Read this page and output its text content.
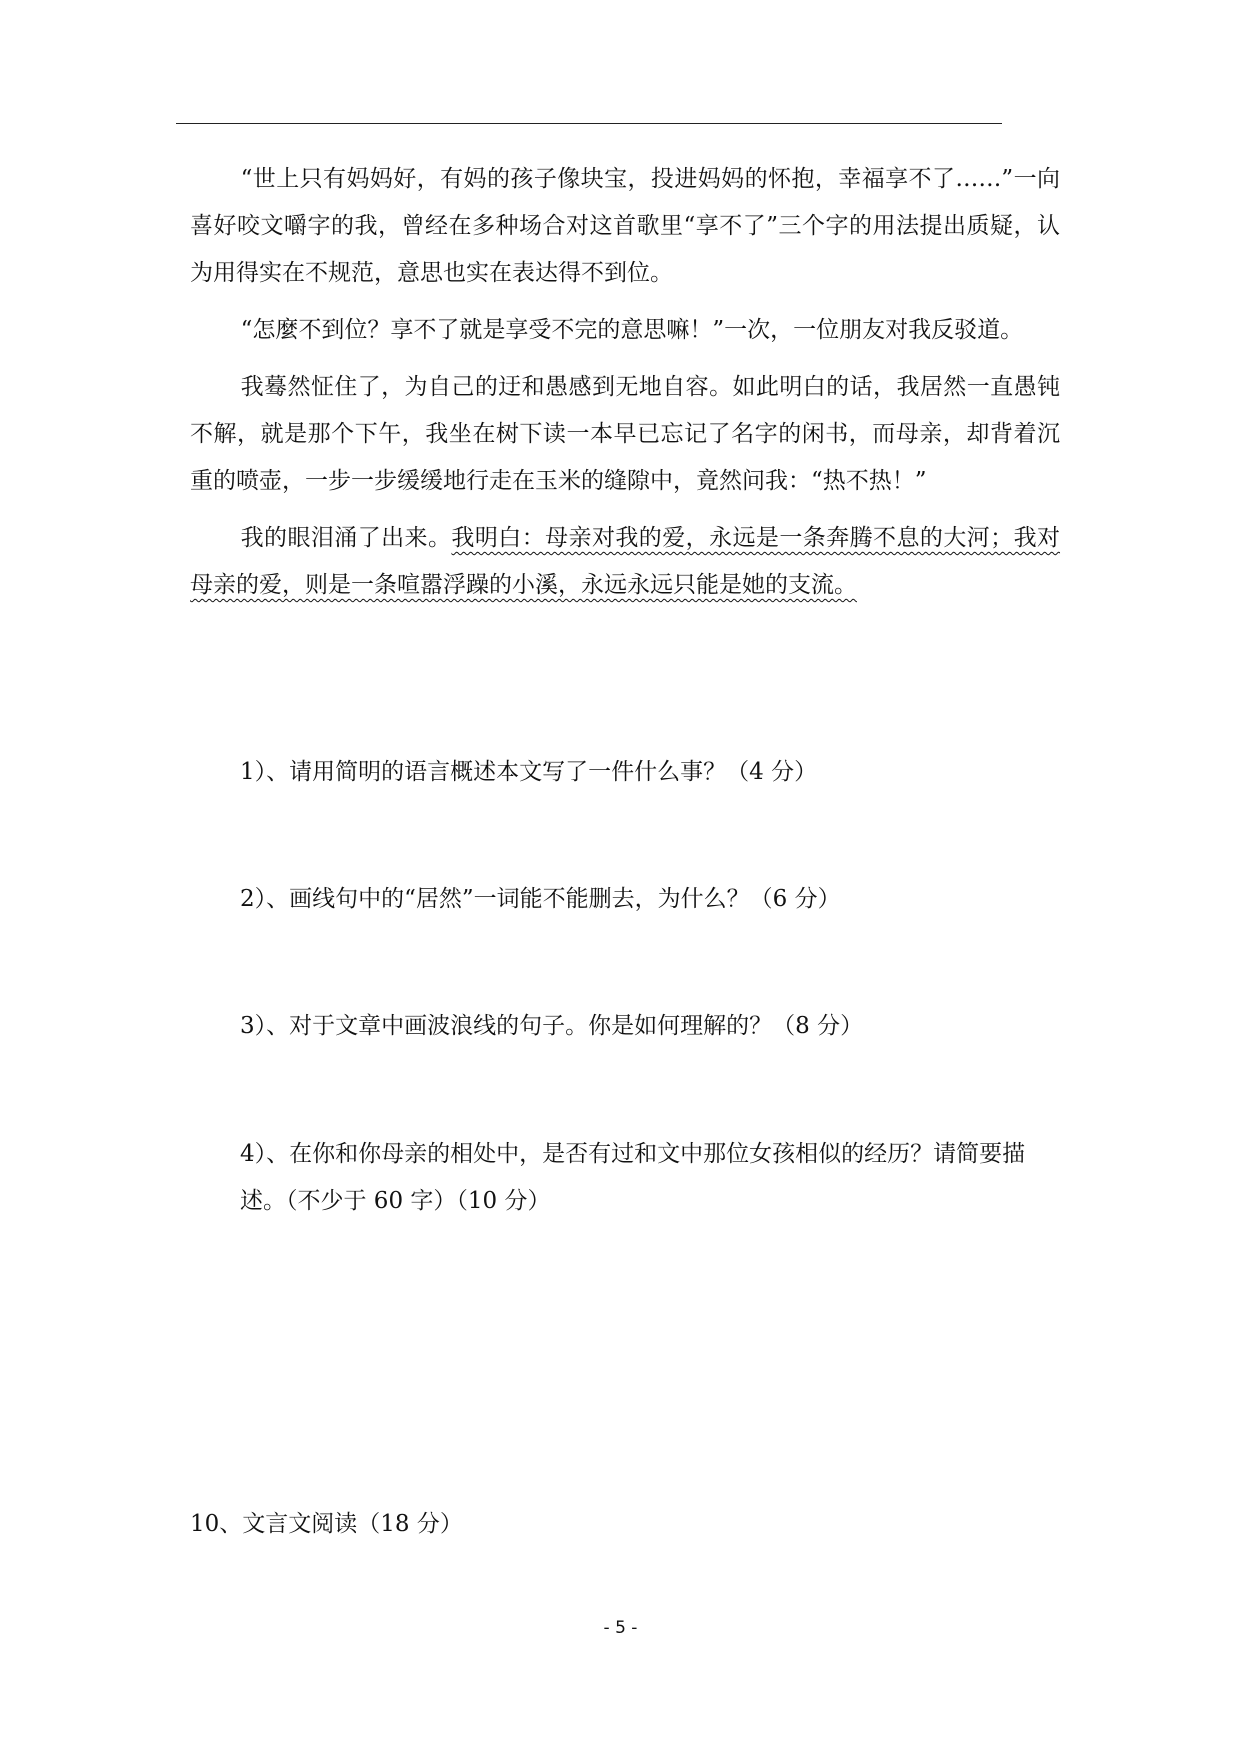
“世上只有妈妈好，有妈的孩子像块宝，投进妈妈的怀抱，幸福享不了……”一向喜好咬文嚼字的我，曾经在多种场合对这首歌里“享不了”三个字的用法提出质疑，认为用得实在不规范，意思也实在表达得不到位。

“怎麼不到位？享不了就是享受不完的意思嘛！”一次，一位朋友对我反驳道。

我蓦然怔住了，为自己的迂和愚感到无地自容。如此明白的话，我居然一直愚钝不解，就是那个下午，我坐在树下读一本早已忘记了名字的闲书，而母亲，却背着沉重的喷壶，一步一步缓缓地行走在玉米的缝隙中，竟然问我：“热不热！”

我的眼泪涌了出来。我明白：母亲对我的爱，永远是一条奔腾不息的大河；我对母亲的爱，则是一条喧嚣浮躁的小溪，永远永远只能是她的支流。

1）、请用简明的语言概述本文写了一件什么事？（4 分）

2）、画线句中的“居然”一词能不能删去，为什么？（6 分）

3）、对于文章中画波浪线的句子。你是如何理解的？（8 分）

4）、在你和你母亲的相处中，是否有过和文中那位女孩相似的经历？请简要描述。（不少于 60 字）（10 分）

10、文言文阅读（18 分）

- 5 -
